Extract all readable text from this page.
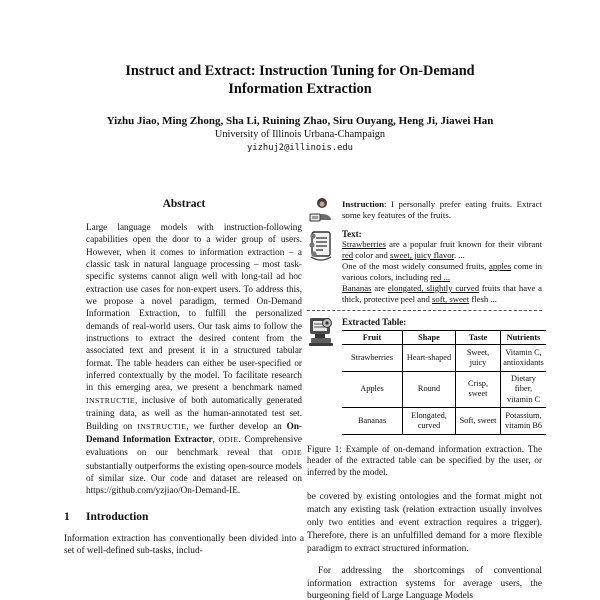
Instruct and Extract: Instruction Tuning for On-Demand
Information Extraction
Yizhu Jiao, Ming Zhong, Sha Li, Ruining Zhao, Siru Ouyang, Heng Ji, Jiawei Han
University of Illinois Urbana-Champaign
yizhuj2@illinois.edu
Abstract

Large language models with instruction-following capabilities open the door to a wider group of users. However, when it comes to information extraction – a classic task in natural language processing – most task-specific systems cannot align well with long-tail ad hoc extraction use cases for non-expert users. To address this, we propose a novel paradigm, termed On-Demand Information Extraction, to fulfill the personalized demands of real-world users. Our task aims to follow the instructions to extract the desired content from the associated text and present it in a structured tabular format. The table headers can either be user-specified or inferred contextually by the model. To facilitate research in this emerging area, we present a benchmark named INSTRUCTIE, inclusive of both automatically generated training data, as well as the human-annotated test set. Building on INSTRUCTIE, we further develop an On-Demand Information Extractor, ODIE. Comprehensive evaluations on our benchmark reveal that ODIE substantially outperforms the existing open-source models of similar size. Our code and dataset are released on https://github.com/yzjiao/On-Demand-IE.

1	Introduction

Information extraction has conventionally been divided into a set of well-defined sub-tasks, includ-

Instruction: I personally prefer eating fruits. Extract some key features of the fruits.
Text:
Strawberries are a popular fruit known for their vibrant red color and sweet, juicy flavor. ...
One of the most widely consumed fruits, apples come in various colors, including red ...
Bananas are elongated, slightly curved fruits that have a thick, protective peel and soft, sweet flesh ...
Extracted Table:
Fruit	Shape	Taste	Nutrients
Strawberries	Heart-shaped	Sweet, juicy	Vitamin C, antioxidants
Apples	Round	Crisp, sweet	Dietary fiber, vitamin C
Bananas	Elongated, curved	Soft, sweet	Potassium, vitamin B6
Figure 1: Example of on-demand information extraction. The header of the extracted table can be specified by the user, or inferred by the model.

be covered by existing ontologies and the format might not match any existing task (relation extraction usually involves only two entities and event extraction requires a trigger). Therefore, there is an unfulfilled demand for a more flexible paradigm to extract structured information.

For addressing the shortcomings of conventional information extraction systems for average users, the burgeoning field of Large Language Models
